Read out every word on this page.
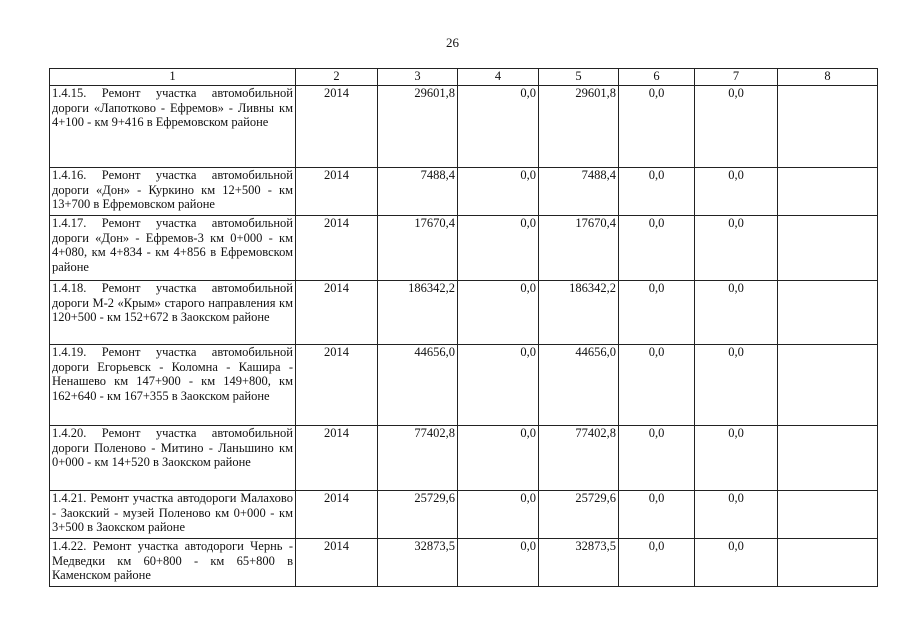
26
1	2	3	4	5	6	7	8
1.4.15. Ремонт участка автомобильной дороги «Лапотково - Ефремов» - Ливны км 4+100 - км 9+416 в Ефремовском районе	2014	29601,8	0,0	29601,8	0,0	0,0	
1.4.16. Ремонт участка автомобильной дороги «Дон» - Куркино км 12+500 - км 13+700 в Ефремовском районе	2014	7488,4	0,0	7488,4	0,0	0,0	
1.4.17. Ремонт участка автомобильной дороги «Дон» - Ефремов-3 км 0+000 - км 4+080, км 4+834 - км 4+856 в Ефремовском районе	2014	17670,4	0,0	17670,4	0,0	0,0	
1.4.18. Ремонт участка автомобильной дороги М-2 «Крым» старого направления км 120+500 - км 152+672 в Заокском районе	2014	186342,2	0,0	186342,2	0,0	0,0	
1.4.19. Ремонт участка автомобильной дороги Егорьевск - Коломна - Кашира - Ненашево км 147+900 - км 149+800, км 162+640 - км 167+355 в Заокском районе	2014	44656,0	0,0	44656,0	0,0	0,0	
1.4.20. Ремонт участка автомобильной дороги Поленово - Митино - Ланьшино км 0+000 - км 14+520 в Заокском районе	2014	77402,8	0,0	77402,8	0,0	0,0	
1.4.21. Ремонт участка автодороги Малахово - Заокский - музей Поленово км 0+000 - км 3+500 в Заокском районе	2014	25729,6	0,0	25729,6	0,0	0,0	
1.4.22. Ремонт участка автодороги Чернь - Медведки км 60+800 - км 65+800 в Каменском районе	2014	32873,5	0,0	32873,5	0,0	0,0	
